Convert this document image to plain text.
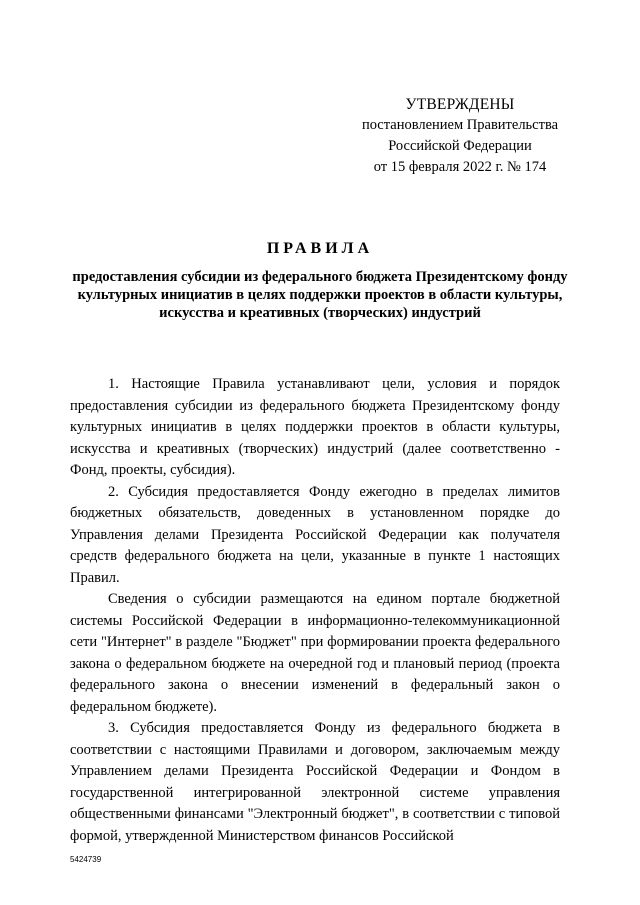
УТВЕРЖДЕНЫ
постановлением Правительства
Российской Федерации
от 15 февраля 2022 г. № 174
ПРАВИЛА
предоставления субсидии из федерального бюджета Президентскому фонду культурных инициатив в целях поддержки проектов в области культуры, искусства и креативных (творческих) индустрий

1. Настоящие Правила устанавливают цели, условия и порядок предоставления субсидии из федерального бюджета Президентскому фонду культурных инициатив в целях поддержки проектов в области культуры, искусства и креативных (творческих) индустрий (далее соответственно - Фонд, проекты, субсидия).

2. Субсидия предоставляется Фонду ежегодно в пределах лимитов бюджетных обязательств, доведенных в установленном порядке до Управления делами Президента Российской Федерации как получателя средств федерального бюджета на цели, указанные в пункте 1 настоящих Правил.

Сведения о субсидии размещаются на едином портале бюджетной системы Российской Федерации в информационно-телекоммуникационной сети "Интернет" в разделе "Бюджет" при формировании проекта федерального закона о федеральном бюджете на очередной год и плановый период (проекта федерального закона о внесении изменений в федеральный закон о федеральном бюджете).

3. Субсидия предоставляется Фонду из федерального бюджета в соответствии с настоящими Правилами и договором, заключаемым между Управлением делами Президента Российской Федерации и Фондом в государственной интегрированной электронной системе управления общественными финансами "Электронный бюджет", в соответствии с типовой формой, утвержденной Министерством финансов Российской

5424739
